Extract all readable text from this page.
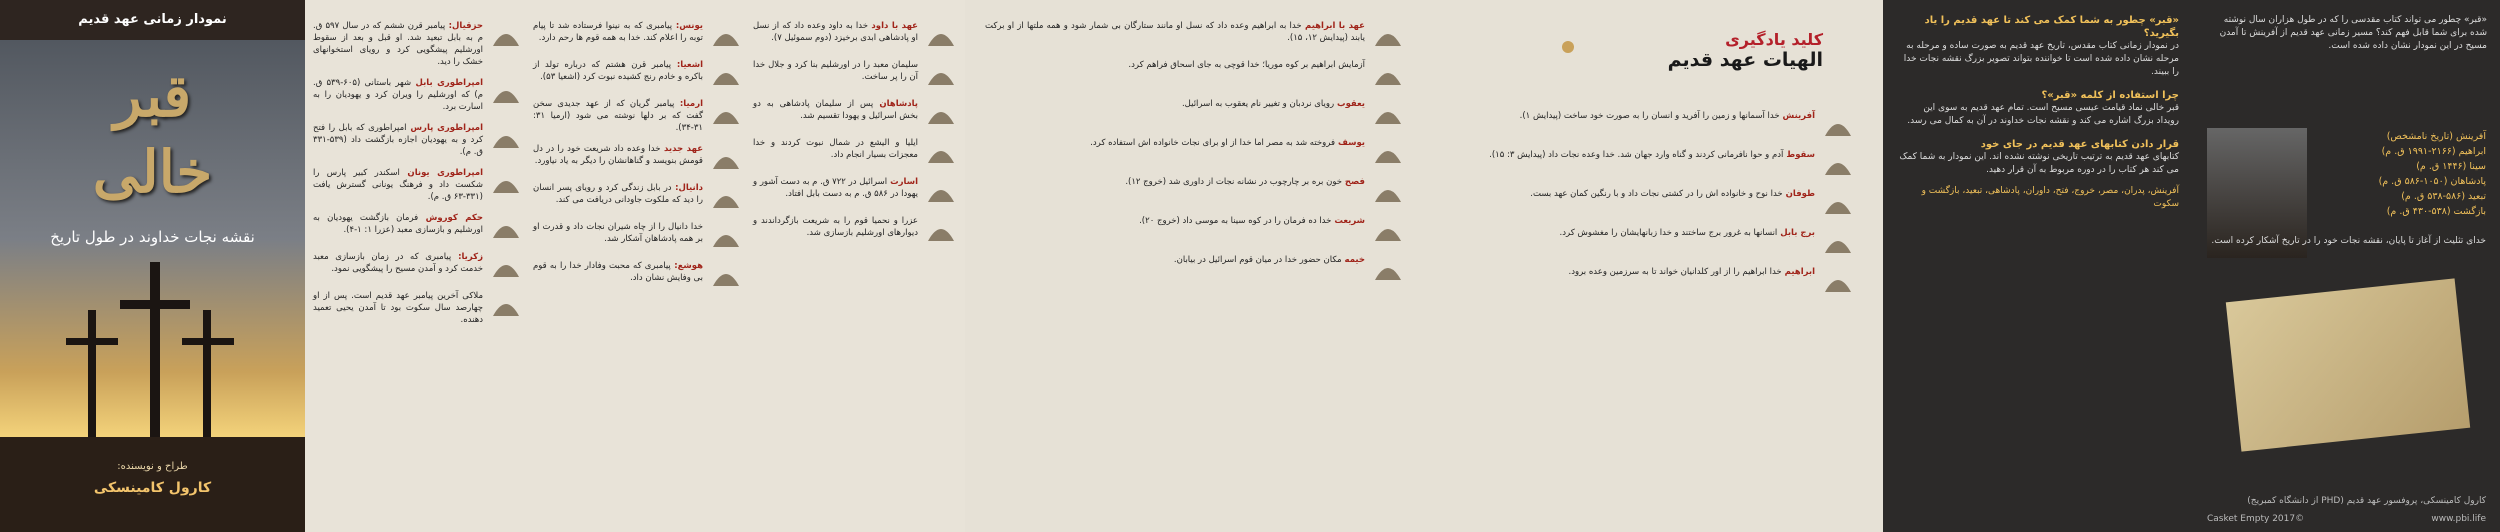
نمودار زمانی عهد قدیم
قبر
خالی
نقشه نجات خداوند در طول تاریخ
طراح و نویسنده:
کارول کامینسکی
حزقیال: پیامبر قرن ششم که در سال ۵۹۷ ق. م به بابل تبعید شد. او قبل و بعد از سقوط اورشلیم پیشگویی کرد و رویای استخوانهای خشک را دید.
امپراطوری بابل شهر باستانی (۶۰۵-۵۳۹ ق. م) که اورشلیم را ویران کرد و یهودیان را به اسارت برد.
امپراطوری پارس امپراطوری که بابل را فتح کرد و به یهودیان اجازه بازگشت داد (۵۳۹-۳۳۱ ق. م).
امپراطوری یونان اسکندر کبیر پارس را شکست داد و فرهنگ یونانی گسترش یافت (۳۳۱-۶۳ ق. م).
حکم کوروش فرمان بازگشت یهودیان به اورشلیم و بازسازی معبد (عزرا ۱: ۱-۴).
زکریا: پیامبری که در زمان بازسازی معبد خدمت کرد و آمدن مسیح را پیشگویی نمود.
ملاکی آخرین پیامبر عهد قدیم است. پس از او چهارصد سال سکوت بود تا آمدن یحیی تعمید دهنده.
یونس: پیامبری که به نینوا فرستاده شد تا پیام توبه را اعلام کند. خدا به همه قوم ها رحم دارد.
اشعیا: پیامبر قرن هشتم که درباره تولد از باکره و خادم رنج کشیده نبوت کرد (اشعیا ۵۳).
ارمیا: پیامبر گریان که از عهد جدیدی سخن گفت که بر دلها نوشته می شود (ارمیا ۳۱: ۳۱-۳۴).
عهد جدید خدا وعده داد شریعت خود را در دل قومش بنویسد و گناهانشان را دیگر به یاد نیاورد.
دانیال: در بابل زندگی کرد و رویای پسر انسان را دید که ملکوت جاودانی دریافت می کند.
خدا دانیال را از چاه شیران نجات داد و قدرت او بر همه پادشاهان آشکار شد.
هوشع: پیامبری که محبت وفادار خدا را به قوم بی وفایش نشان داد.
عهد با داود خدا به داود وعده داد که از نسل او پادشاهی ابدی برخیزد (دوم سموئیل ۷).
سلیمان معبد را در اورشلیم بنا کرد و جلال خدا آن را پر ساخت.
پادشاهان پس از سلیمان پادشاهی به دو بخش اسرائیل و یهودا تقسیم شد.
ایلیا و الیشع در شمال نبوت کردند و خدا معجزات بسیار انجام داد.
اسارت اسرائیل در ۷۲۲ ق. م به دست آشور و یهودا در ۵۸۶ ق. م به دست بابل افتاد.
عزرا و نحمیا قوم را به شریعت بازگرداندند و دیوارهای اورشلیم بازسازی شد.
عهد با ابراهیم خدا به ابراهیم وعده داد که نسل او مانند ستارگان بی شمار شود و همه ملتها از او برکت یابند (پیدایش ۱۲، ۱۵).
آزمایش ابراهیم بر کوه موریا؛ خدا قوچی به جای اسحاق فراهم کرد.
یعقوب رویای نردبان و تغییر نام یعقوب به اسرائیل.
یوسف فروخته شد به مصر اما خدا از او برای نجات خانواده اش استفاده کرد.
فصح خون بره بر چارچوب در نشانه نجات از داوری شد (خروج ۱۲).
شریعت خدا ده فرمان را در کوه سینا به موسی داد (خروج ۲۰).
خیمه مکان حضور خدا در میان قوم اسرائیل در بیابان.
آفرینش خدا آسمانها و زمین را آفرید و انسان را به صورت خود ساخت (پیدایش ۱).
سقوط آدم و حوا نافرمانی کردند و گناه وارد جهان شد. خدا وعده نجات داد (پیدایش ۳: ۱۵).
طوفان خدا نوح و خانواده اش را در کشتی نجات داد و با رنگین کمان عهد بست.
برج بابل انسانها به غرور برج ساختند و خدا زبانهایشان را مغشوش کرد.
ابراهیم خدا ابراهیم را از اور کلدانیان خواند تا به سرزمین وعده برود.
کلید یادگیری
الهیات عهد قدیم
«قبر» چطور به شما کمک می کند تا عهد قدیم را یاد بگیرید؟
در نمودار زمانی کتاب مقدس، تاریخ عهد قدیم به صورت ساده و مرحله به مرحله نشان داده شده است تا خواننده بتواند تصویر بزرگ نقشه نجات خدا را ببیند.
چرا استفاده از کلمه «قبر»؟
قبر خالی نماد قیامت عیسی مسیح است. تمام عهد قدیم به سوی این رویداد بزرگ اشاره می کند و نقشه نجات خداوند در آن به کمال می رسد.
قرار دادن کتابهای عهد قدیم در جای خود
کتابهای عهد قدیم به ترتیب تاریخی نوشته نشده اند. این نمودار به شما کمک می کند هر کتاب را در دوره مربوط به آن قرار دهید.
آفرینش، پدران، مصر، خروج، فتح، داوران، پادشاهی، تبعید، بازگشت و سکوت
«قبر» چطور می تواند کتاب مقدسی را که در طول هزاران سال نوشته شده برای شما قابل فهم کند؟ مسیر زمانی عهد قدیم از آفرینش تا آمدن مسیح در این نمودار نشان داده شده است.
آفرینش (تاریخ نامشخص)
ابراهیم (۲۱۶۶-۱۹۹۱ ق. م)
سینا (۱۴۴۶ ق. م)
پادشاهان (۱۰۵۰-۵۸۶ ق. م)
تبعید (۵۸۶-۵۳۸ ق. م)
بازگشت (۵۳۸-۴۳۰ ق. م)
خدای تثلیث از آغاز تا پایان، نقشه نجات خود را در تاریخ آشکار کرده است.
کارول کامینسکی، پروفسور عهد قدیم (PHD از دانشگاه کمبریج)
©2017 Casket Empty	www.pbi.life
